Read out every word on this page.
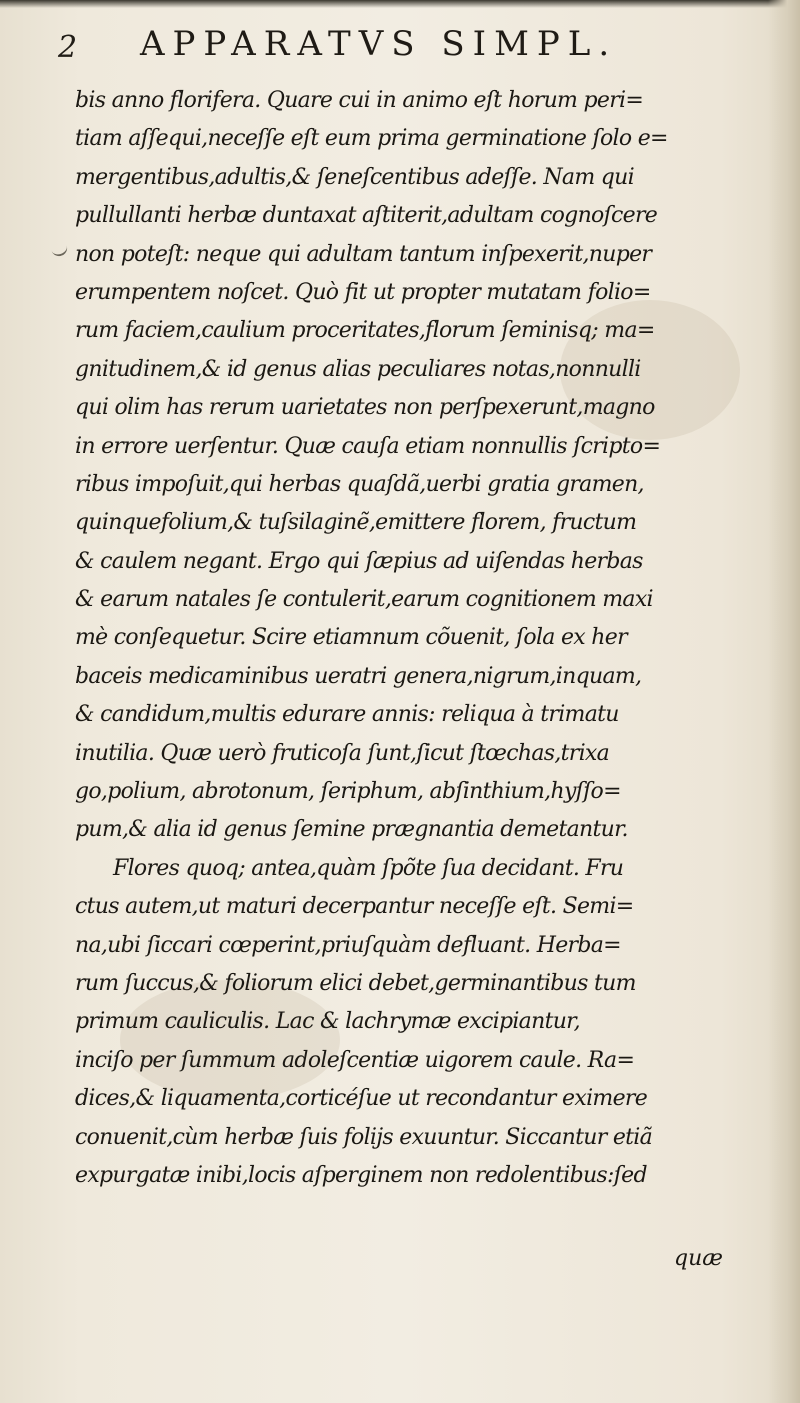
2 APPARATVS SIMPL.
bis anno florifera. Quare cui in animo eſt horum peri=
tiam aſſequi,neceſſe eſt eum prima germinatione ſolo e=
mergentibus,adultis,& ſeneſcentibus adeſſe. Nam qui
pullullanti herbæ duntaxat aſtiterit,adultam cognoſcere
non poteſt: neque qui adultam tantum inſpexerit,nuper
erumpentem noſcet. Quò fit ut propter mutatam folio=
rum faciem,caulium proceritates,florum ſeminisq; ma=
gnitudinem,& id genus alias peculiares notas,nonnulli
qui olim has rerum uarietates non perſpexerunt,magno
in errore uerſentur. Quæ cauſa etiam nonnullis ſcripto=
ribus impoſuit,qui herbas quaſdã,uerbi gratia gramen,
quinquefolium,& tuſsilaginẽ,emittere florem, fructum
& caulem negant. Ergo qui ſæpius ad uiſendas herbas
& earum natales ſe contulerit,earum cognitionem maxi
mè conſequetur. Scire etiamnum cõuenit, ſola ex her
baceis medicaminibus ueratri genera,nigrum,inquam,
& candidum,multis edurare annis: reliqua à trimatu
inutilia. Quæ uerò fruticoſa ſunt,ſicut ſtœchas,trixa
go,polium, abrotonum, ſeriphum, abſinthium,hyſſo=
pum,& alia id genus ſemine prægnantia demetantur.
Flores quoq; antea,quàm ſpõte ſua decidant. Fru
ctus autem,ut maturi decerpantur neceſſe eſt. Semi=
na,ubi ſiccari cœperint,priuſquàm defluant. Herba=
rum ſuccus,& foliorum elici debet,germinantibus tum
primum cauliculis. Lac & lachrymæ excipiantur,
inciſo per ſummum adoleſcentiæ uigorem caule. Ra=
dices,& liquamenta,corticéſue ut recondantur eximere
conuenit,cùm herbæ ſuis folijs exuuntur. Siccantur etiã
expurgatæ inibi,locis aſperginem non redolentibus:ſed
quæ
